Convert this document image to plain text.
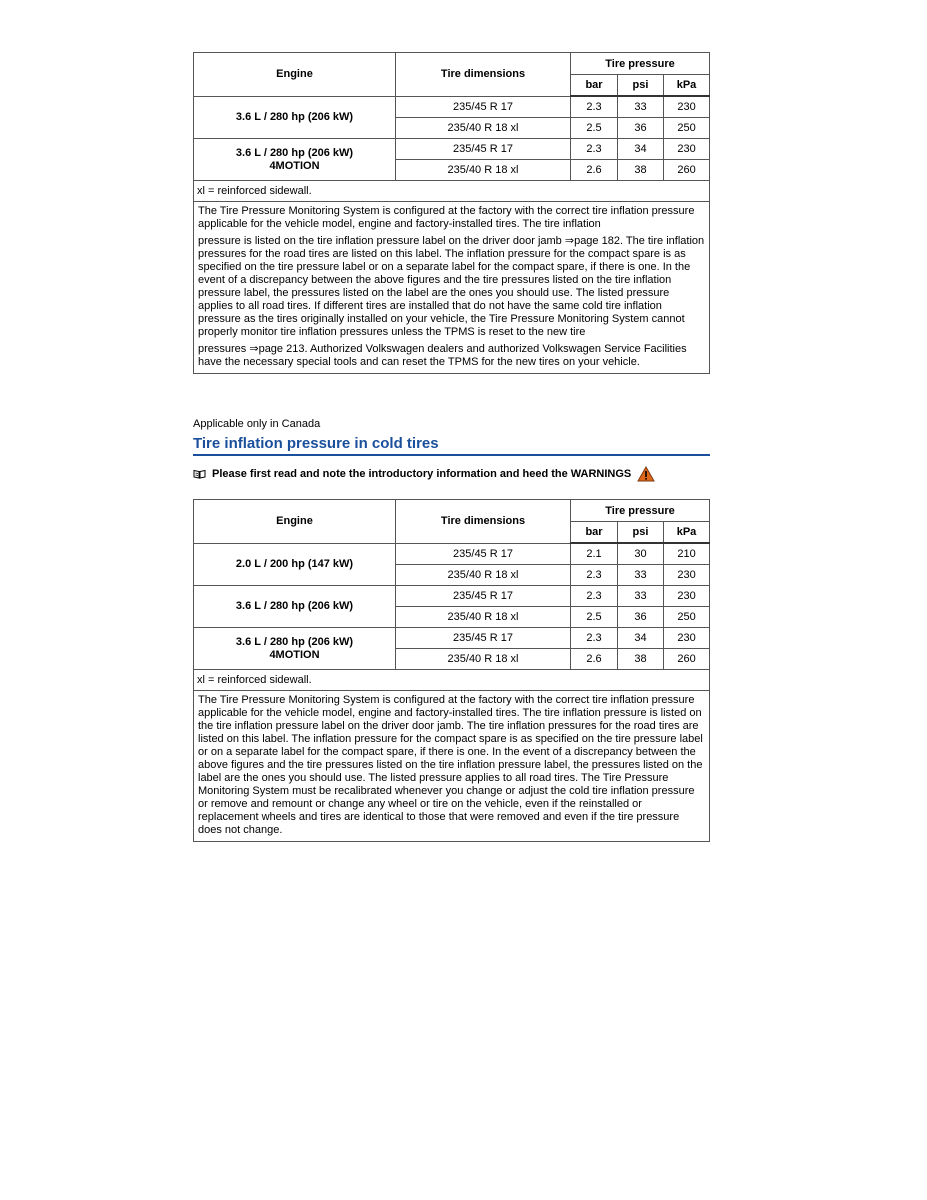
Engine	Tire dimensions	Tire pressure		
		bar	psi	kPa

3.6 L / 280 hp (206 kW)	235/45 R 17	2.3	33	230
	235/40 R 18 xl	2.5	36	250

3.6 L / 280 hp (206 kW)
4MOTION	235/45 R 17	2.3	34	230
	235/40 R 18 xl	2.6	38	260
xl = reinforced sidewall.				

The Tire Pressure Monitoring System is configured at the factory with the correct tire inflation pressure applicable for the vehicle model, engine and factory-installed tires. The tire inflation

pressure is listed on the tire inflation pressure label on the driver door jamb ⇒page 182. The tire inflation pressures for the road tires are listed on this label. The inflation pressure for the compact spare is as specified on the tire pressure label or on a separate label for the compact spare, if there is one. In the event of a discrepancy between the above figures and the tire pressures listed on the tire inflation pressure label, the pressures listed on the label are the ones you should use. The listed pressure applies to all road tires. If different tires are installed that do not have the same cold tire inflation pressure as the tires originally installed on your vehicle, the Tire Pressure Monitoring System cannot properly monitor tire inflation pressures unless the TPMS is reset to the new tire

pressures ⇒page 213. Authorized Volkswagen dealers and authorized Volkswagen Service Facilities have the necessary special tools and can reset the TPMS for the new tires on your vehicle.				

Applicable only in Canada
Tire inflation pressure in cold tires
Please first read and note the introductory information and heed the WARNINGS
Engine	Tire dimensions	Tire pressure		
		bar	psi	kPa

2.0 L / 200 hp (147 kW)	235/45 R 17	2.1	30	210
	235/40 R 18 xl	2.3	33	230

3.6 L / 280 hp (206 kW)	235/45 R 17	2.3	33	230
	235/40 R 18 xl	2.5	36	250

3.6 L / 280 hp (206 kW)
4MOTION	235/45 R 17	2.3	34	230
	235/40 R 18 xl	2.6	38	260
xl = reinforced sidewall.				

The Tire Pressure Monitoring System is configured at the factory with the correct tire inflation pressure applicable for the vehicle model, engine and factory-installed tires. The tire inflation pressure is listed on the tire inflation pressure label on the driver door jamb. The tire inflation pressures for the road tires are listed on this label. The inflation pressure for the compact spare is as specified on the tire pressure label or on a separate label for the compact spare, if there is one. In the event of a discrepancy between the above figures and the tire pressures listed on the tire inflation pressure label, the pressures listed on the label are the ones you should use. The listed pressure applies to all road tires. The Tire Pressure Monitoring System must be recalibrated whenever you change or adjust the cold tire inflation pressure or remove and remount or change any wheel or tire on the vehicle, even if the reinstalled or replacement wheels and tires are identical to those that were removed and even if the tire pressure does not change.				
